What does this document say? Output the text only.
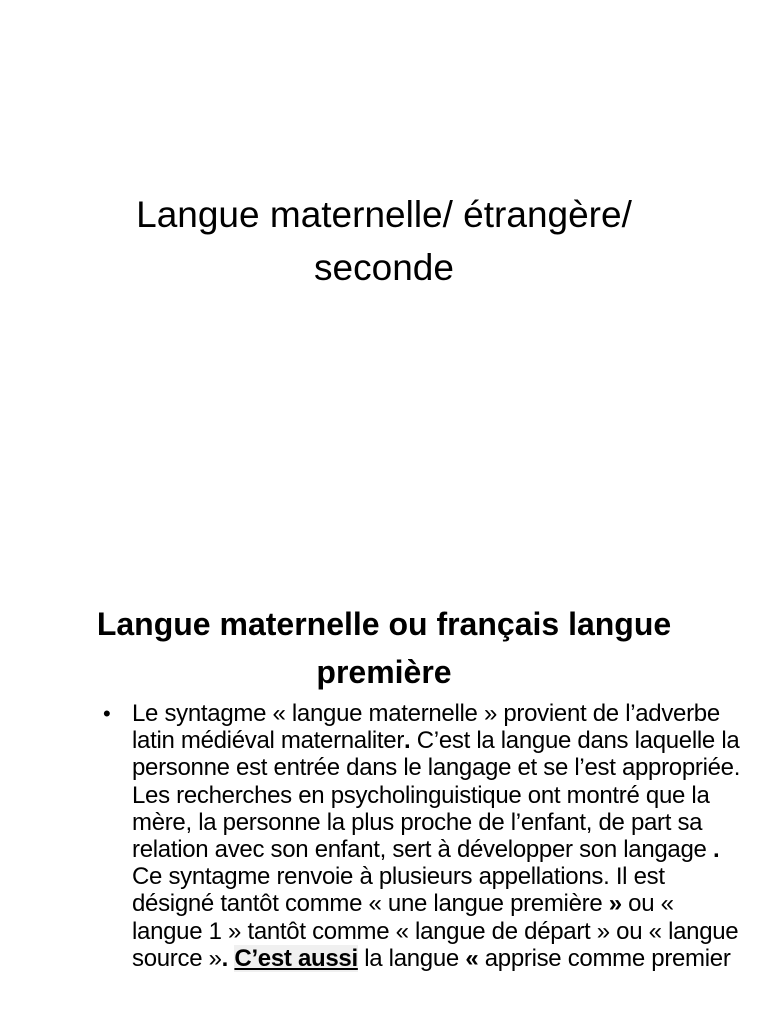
Langue maternelle/ étrangère/
seconde
Langue maternelle ou français langue
première
• Le syntagme « langue maternelle » provient de l’adverbe latin médiéval maternaliter. C’est la langue dans laquelle la personne est entrée dans le langage et se l’est appropriée. Les recherches en psycholinguistique ont montré que la mère, la personne la plus proche de l’enfant, de part sa relation avec son enfant, sert à développer son langage . Ce syntagme renvoie à plusieurs appellations. Il est désigné tantôt comme « une langue première » ou « langue 1 » tantôt comme « langue de départ » ou « langue source ». C’est aussi la langue « apprise comme premier
